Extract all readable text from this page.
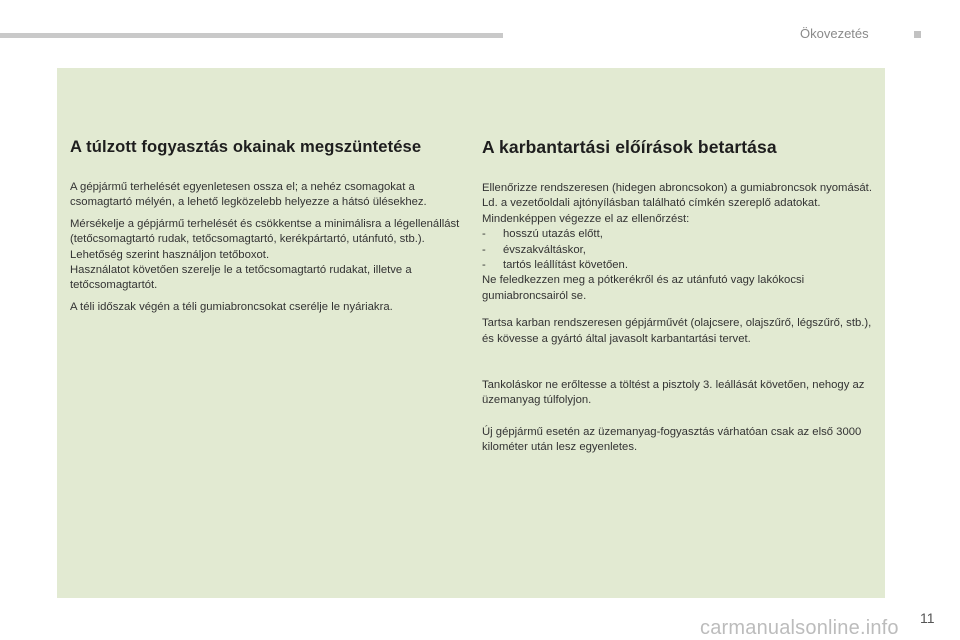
Ökovezetés
A túlzott fogyasztás okainak megszüntetése

A gépjármű terhelését egyenletesen ossza el; a nehéz csomagokat a csomagtartó mélyén, a lehető legközelebb helyezze a hátsó ülésekhez.

Mérsékelje a gépjármű terhelését és csökkentse a minimálisra a légellenállást (tetőcsomagtartó rudak, tetőcsomagtartó, kerékpártartó, utánfutó, stb.). Lehetőség szerint használjon tetőboxot.

Használatot követően szerelje le a tetőcsomagtartó rudakat, illetve a tetőcsomagtartót.

A téli időszak végén a téli gumiabroncsokat cserélje le nyáriakra.

A karbantartási előírások betartása

Ellenőrizze rendszeresen (hidegen abroncsokon) a gumiabroncsok nyomását. Ld. a vezetőoldali ajtónyílásban található címkén szereplő adatokat.

Mindenképpen végezze el az ellenőrzést:

-	hosszú utazás előtt,
-	évszakváltáskor,
-	tartós leállítást követően.

Ne feledkezzen meg a pótkerékről és az utánfutó vagy lakókocsi gumiabroncsairól se.

Tartsa karban rendszeresen gépjárművét (olajcsere, olajszűrő, légszűrő, stb.), és kövesse a gyártó által javasolt karbantartási tervet.

Tankoláskor ne erőltesse a töltést a pisztoly 3. leállását követően, nehogy az üzemanyag túlfolyjon.

Új gépjármű esetén az üzemanyag-fogyasztás várhatóan csak az első 3000 kilométer után lesz egyenletes.

11
carmanualsonline.info
